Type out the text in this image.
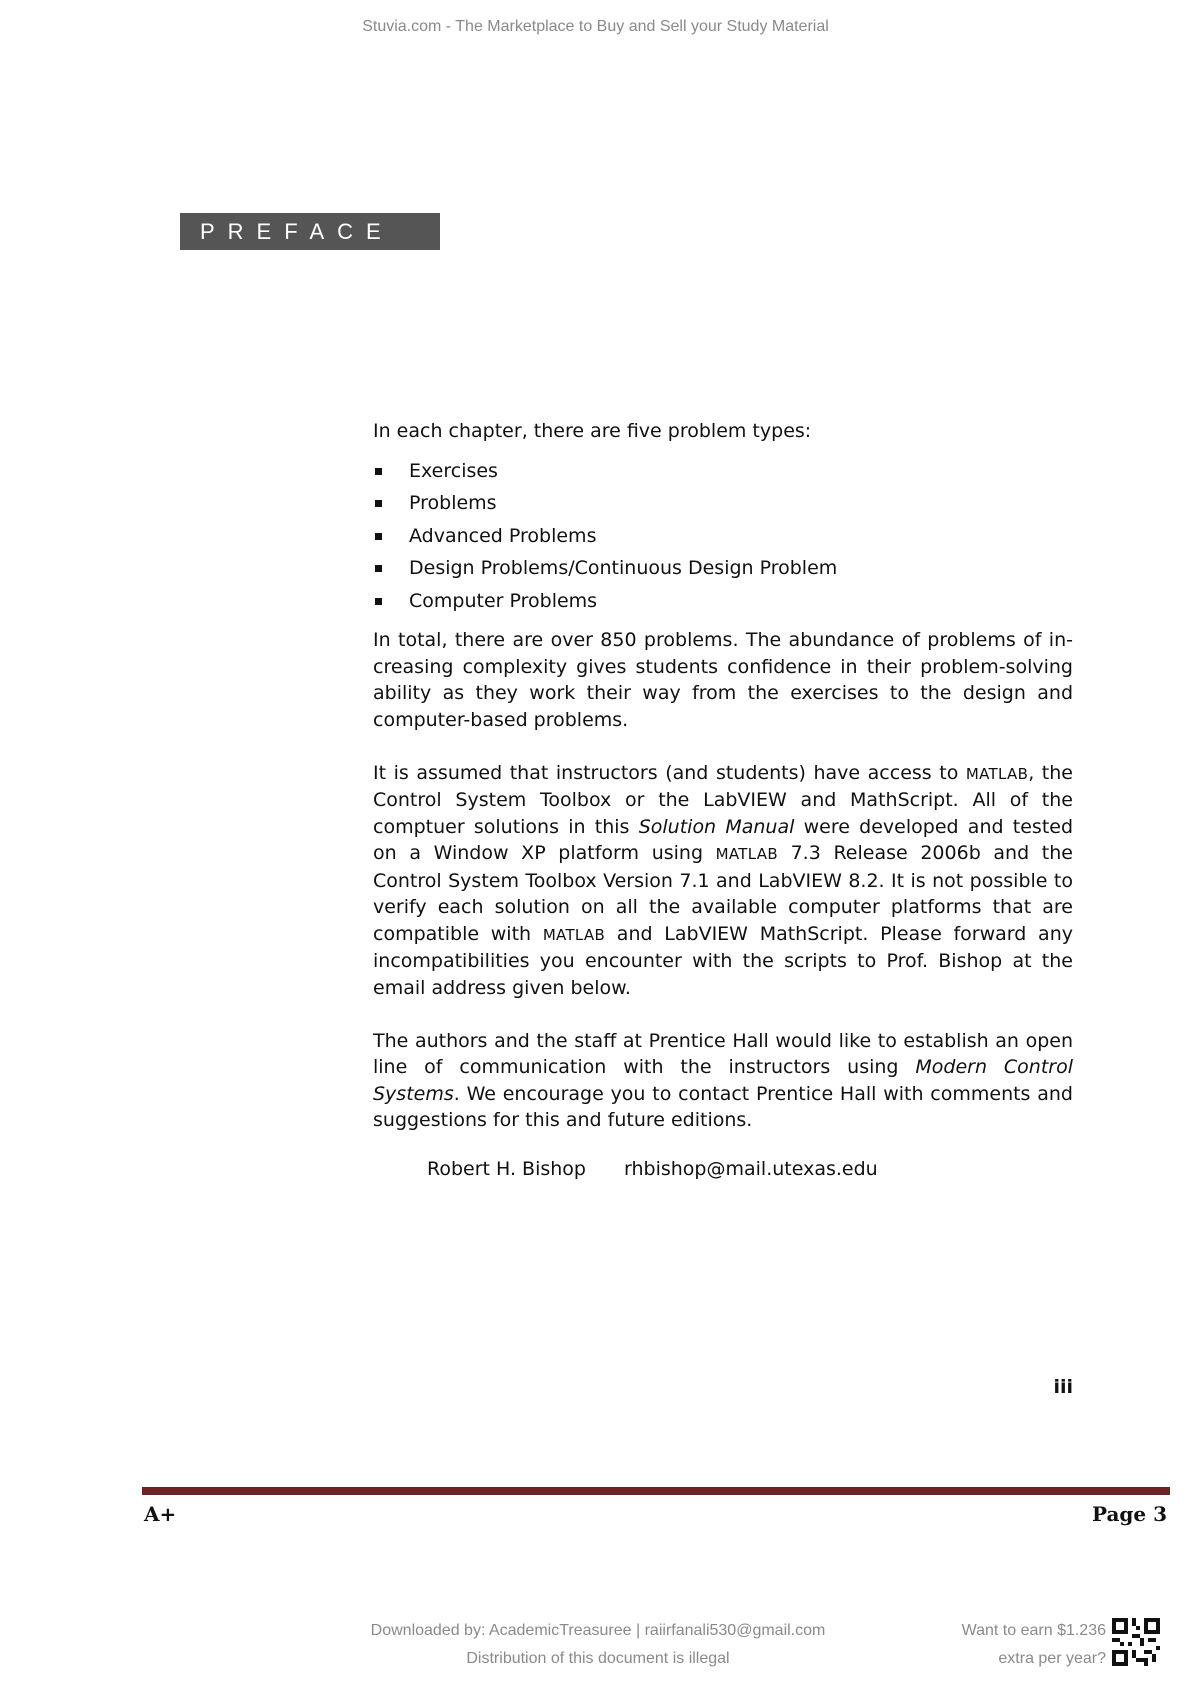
Stuvia.com - The Marketplace to Buy and Sell your Study Material
PREFACE

In each chapter, there are five problem types:

Exercises
Problems
Advanced Problems
Design Problems/Continuous Design Problem
Computer Problems

In total, there are over 850 problems. The abundance of problems of increasing complexity gives students confidence in their problem-solving ability as they work their way from the exercises to the design and computer-based problems.

It is assumed that instructors (and students) have access to MATLAB, the Control System Toolbox or the LabVIEW and MathScript. All of the comptuer solutions in this Solution Manual were developed and tested on a Window XP platform using MATLAB 7.3 Release 2006b and the Control System Toolbox Version 7.1 and LabVIEW 8.2. It is not possible to verify each solution on all the available computer platforms that are compatible with MATLAB and LabVIEW MathScript. Please forward any incompatibilities you encounter with the scripts to Prof. Bishop at the email address given below.

The authors and the staff at Prentice Hall would like to establish an open line of communication with the instructors using Modern Control Systems. We encourage you to contact Prentice Hall with comments and suggestions for this and future editions.

Robert H. Bishop rhbishop@mail.utexas.edu
iii
A+	Page 3
Downloaded by: AcademicTreasuree | raiirfanali530@gmail.com
Distribution of this document is illegal
Want to earn $1.236
extra per year?
